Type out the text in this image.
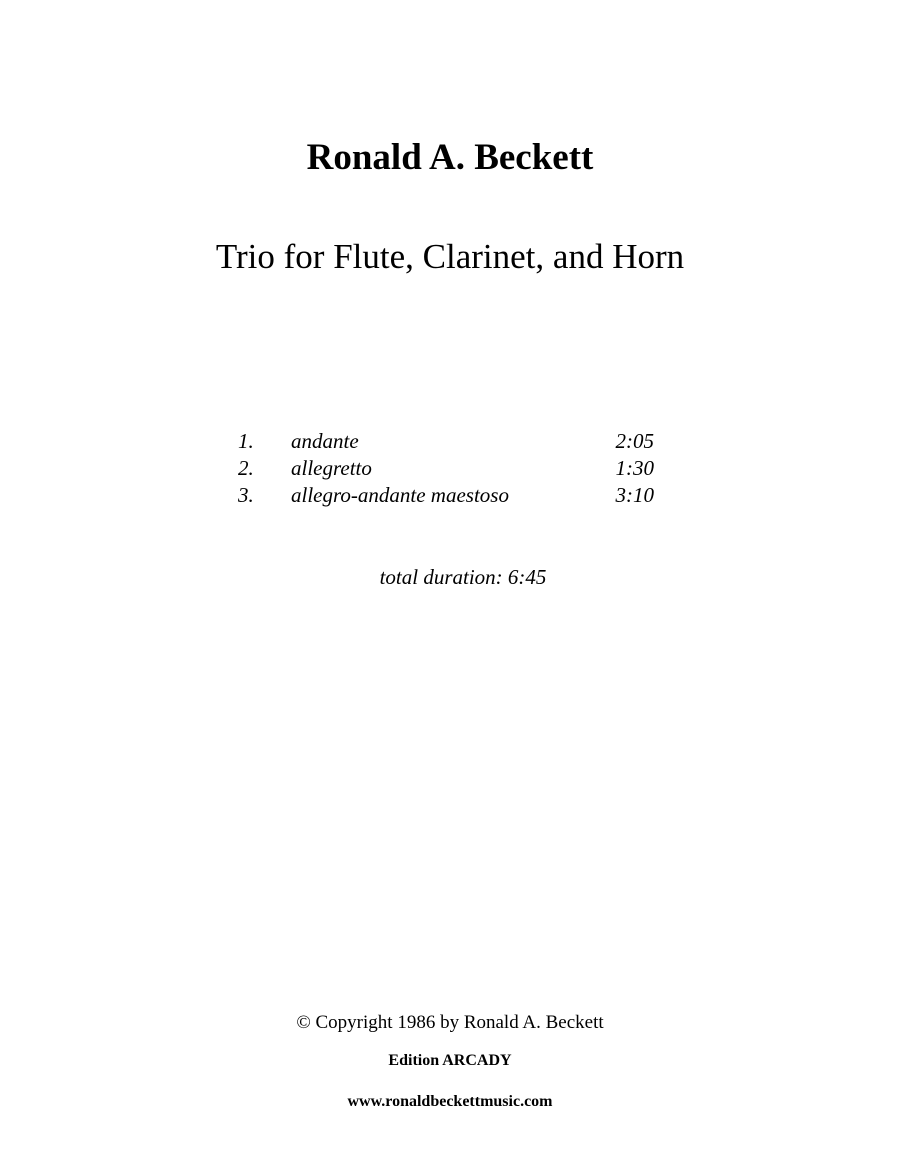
Ronald A. Beckett
Trio for Flute, Clarinet, and Horn
1. andante	2:05
2. allegretto	1:30
3. allegro-andante maestoso	3:10
total duration: 6:45
© Copyright 1986 by Ronald A. Beckett
Edition ARCADY
www.ronaldbeckettmusic.com
